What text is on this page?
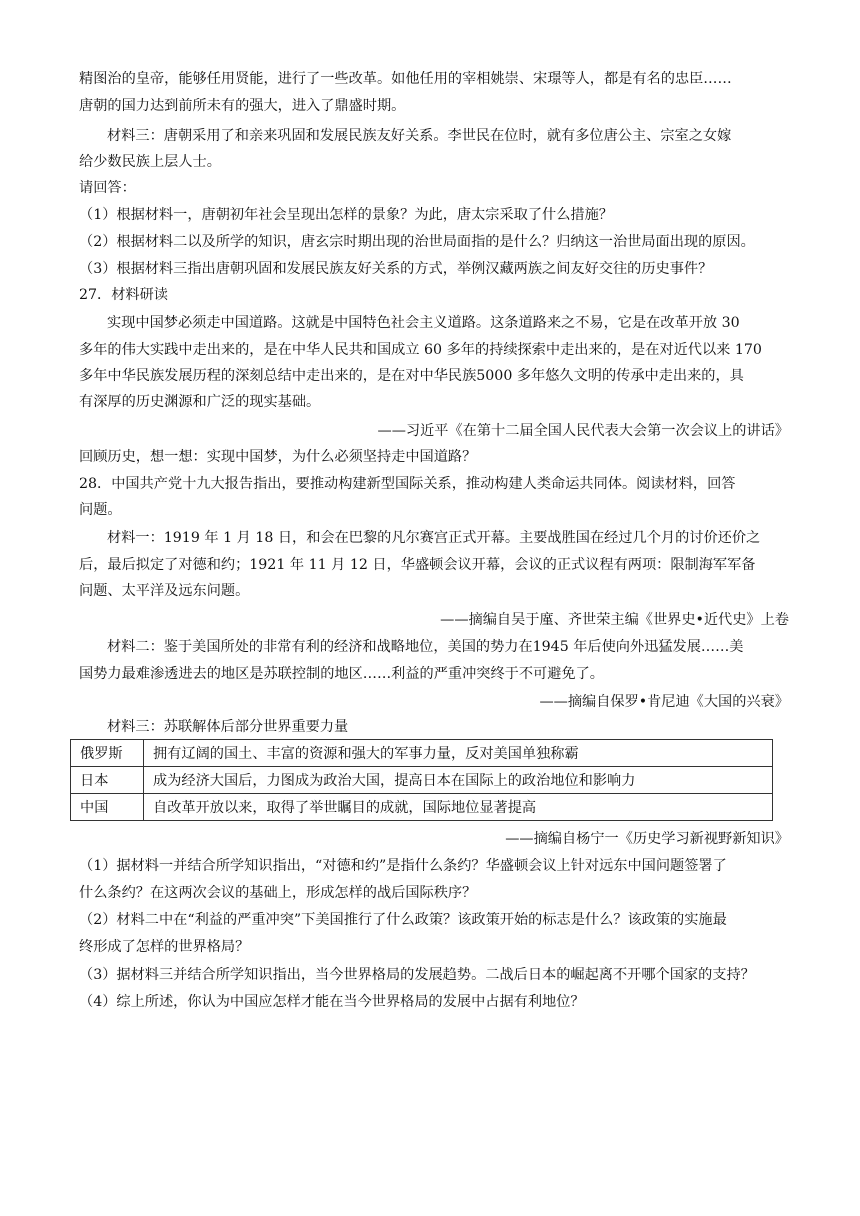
精图治的皇帝，能够任用贤能，进行了一些改革。如他任用的宰相姚崇、宋璟等人，都是有名的忠臣……

唐朝的国力达到前所未有的强大，进入了鼎盛时期。

材料三：唐朝采用了和亲来巩固和发展民族友好关系。李世民在位时，就有多位唐公主、宗室之女嫁

给少数民族上层人士。

请回答：

（1）根据材料一，唐朝初年社会呈现出怎样的景象？为此，唐太宗采取了什么措施？

（2）根据材料二以及所学的知识，唐玄宗时期出现的治世局面指的是什么？归纳这一治世局面出现的原因。

（3）根据材料三指出唐朝巩固和发展民族友好关系的方式，举例汉藏两族之间友好交往的历史事件？

27．材料研读

实现中国梦必须走中国道路。这就是中国特色社会主义道路。这条道路来之不易，它是在改革开放 30

多年的伟大实践中走出来的，是在中华人民共和国成立 60 多年的持续探索中走出来的，是在对近代以来 170

多年中华民族发展历程的深刻总结中走出来的，是在对中华民族5000 多年悠久文明的传承中走出来的，具

有深厚的历史渊源和广泛的现实基础。

——习近平《在第十二届全国人民代表大会第一次会议上的讲话》

回顾历史，想一想：实现中国梦，为什么必须坚持走中国道路？

28．中国共产党十九大报告指出，要推动构建新型国际关系，推动构建人类命运共同体。阅读材料，回答

问题。

材料一：1919 年 1 月 18 日，和会在巴黎的凡尔赛宫正式开幕。主要战胜国在经过几个月的讨价还价之

后，最后拟定了对德和约；1921 年 11 月 12 日，华盛顿会议开幕，会议的正式议程有两项：限制海军军备

问题、太平洋及远东问题。

——摘编自吴于廑、齐世荣主编《世界史•近代史》上卷

材料二：鉴于美国所处的非常有利的经济和战略地位，美国的势力在1945 年后使向外迅猛发展……美

国势力最难渗透进去的地区是苏联控制的地区……利益的严重冲突终于不可避免了。

——摘编自保罗•肯尼迪《大国的兴衰》

材料三：苏联解体后部分世界重要力量

俄罗斯	拥有辽阔的国土、丰富的资源和强大的军事力量，反对美国单独称霸
日本	成为经济大国后，力图成为政治大国，提高日本在国际上的政治地位和影响力
中国	自改革开放以来，取得了举世瞩目的成就，国际地位显著提高

——摘编自杨宁一《历史学习新视野新知识》

（1）据材料一并结合所学知识指出，“对德和约”是指什么条约？华盛顿会议上针对远东中国问题签署了

什么条约？在这两次会议的基础上，形成怎样的战后国际秩序？

（2）材料二中在“利益的严重冲突”下美国推行了什么政策？该政策开始的标志是什么？该政策的实施最

终形成了怎样的世界格局？

（3）据材料三并结合所学知识指出，当今世界格局的发展趋势。二战后日本的崛起离不开哪个国家的支持？

（4）综上所述，你认为中国应怎样才能在当今世界格局的发展中占据有利地位？
